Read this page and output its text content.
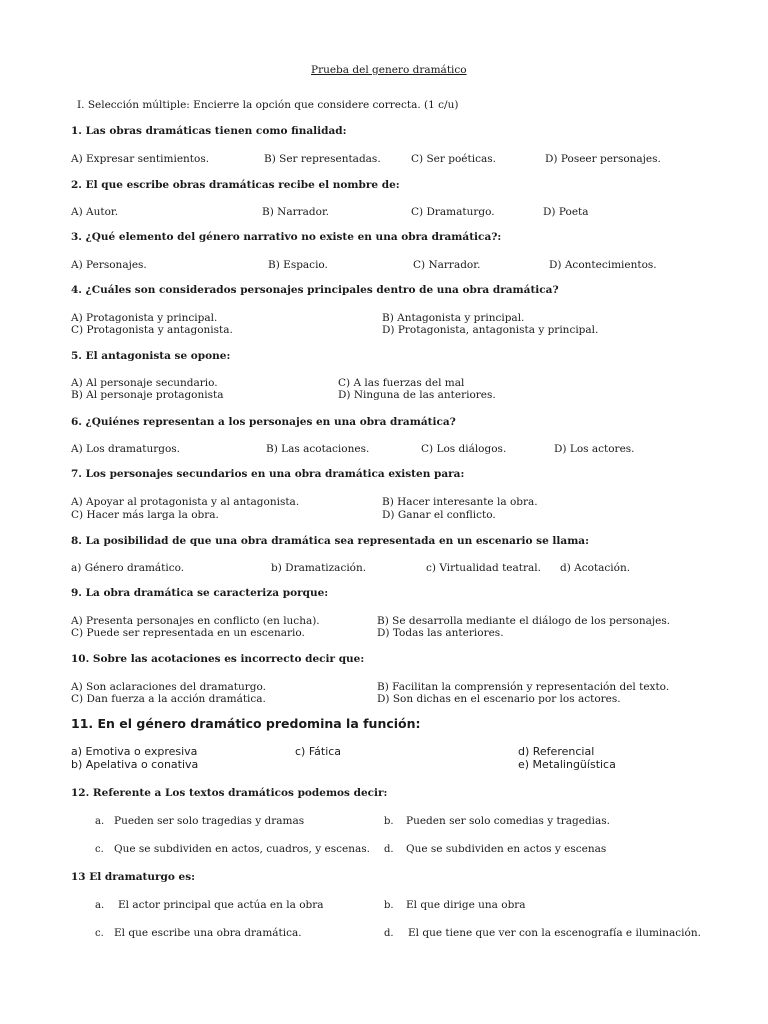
Prueba del genero dramático
I. Selección múltiple: Encierre la opción que considere correcta. (1 c/u)
1. Las obras dramáticas tienen como finalidad:
A) Expresar sentimientos.	B) Ser representadas.	C) Ser poéticas.	D) Poseer personajes.
2. El que escribe obras dramáticas recibe el nombre de:
A) Autor.	B) Narrador.	C) Dramaturgo.	D) Poeta
3. ¿Qué elemento del género narrativo no existe en una obra dramática?:
A) Personajes.	B) Espacio.	C) Narrador.	D) Acontecimientos.
4. ¿Cuáles son considerados personajes principales dentro de una obra dramática?
A) Protagonista y principal.	B) Antagonista y principal.
C) Protagonista y antagonista.	D) Protagonista, antagonista y principal.
5. El antagonista se opone:
A) Al personaje secundario.
B) Al personaje protagonista
C) A las fuerzas del mal
D) Ninguna de las anteriores.
6. ¿Quiénes representan a los personajes en una obra dramática?
A) Los dramaturgos.	B) Las acotaciones.	C) Los diálogos.	D) Los actores.
7. Los personajes secundarios en una obra dramática existen para:
A) Apoyar al protagonista y al antagonista.	B) Hacer interesante la obra.
C) Hacer más larga la obra.	D) Ganar el conflicto.
8. La posibilidad de que una obra dramática sea representada en un escenario se llama:
a) Género dramático.	b) Dramatización.	c) Virtualidad teatral. d) Acotación.
9. La obra dramática se caracteriza porque:
A) Presenta personajes en conflicto (en lucha).	B) Se desarrolla mediante el diálogo de los personajes.
C) Puede ser representada en un escenario.	D) Todas las anteriores.
10. Sobre las acotaciones es incorrecto decir que:
A) Son aclaraciones del dramaturgo.	B) Facilitan la comprensión y representación del texto.
C) Dan fuerza a la acción dramática.	D) Son dichas en el escenario por los actores.
11. En el género dramático predomina la función:
a) Emotiva o expresiva
b) Apelativa o conativa
c) Fática	d) Referencial
e) Metalingüística
12. Referente a Los textos dramáticos podemos decir:
a. Pueden ser solo tragedias y dramas	b. Pueden ser solo comedias y tragedias.
c. Que se subdividen en actos, cuadros, y escenas. d. Que se subdividen en actos y escenas
13 El dramaturgo es:
a. El actor principal que actúa en la obra	b. El que dirige una obra
c. El que escribe una obra dramática.	d. El que tiene que ver con la escenografía e iluminación.
